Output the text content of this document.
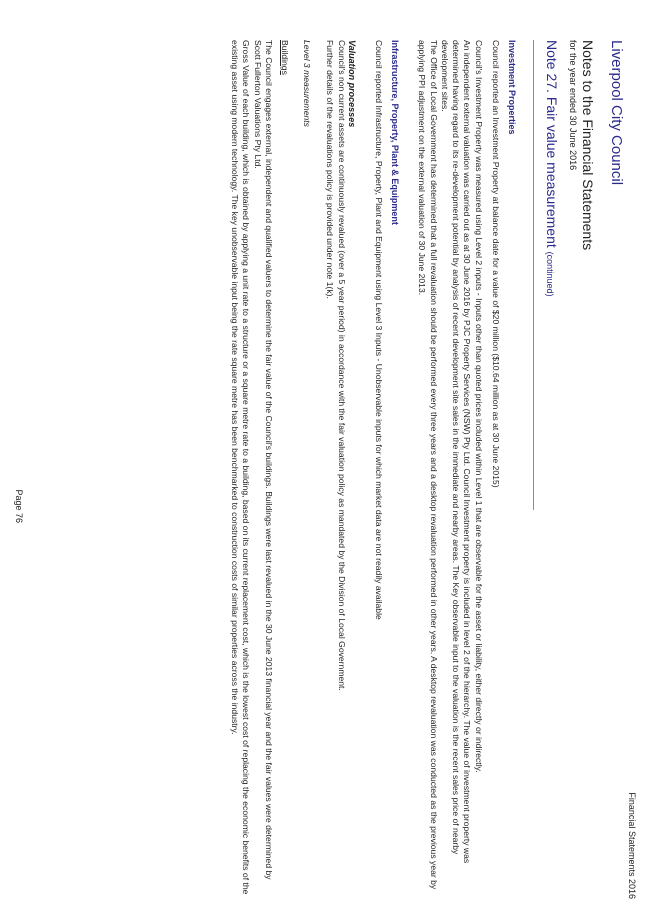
Financial Statements 2016
Liverpool City Council
Notes to the Financial Statements
for the year ended 30 June 2016
Note 27. Fair value measurement (continued)
Investment Properties
Council reported an Investment Property at balance date for a value of $20 million ($10.64 million as at 30 June 2015)
Council's Investment Property was measured using Level 2 inputs - Inputs other than quoted prices included within Level 1 that are observable for the asset or liability, either directly or indirectly.
An independent external valuation was carried out as at 30 June 2016 by PJC Property Services (NSW) Pty Ltd. Council Investment property is included in level 2 of the hierarchy. The value of investment property was determined having regard to its re-development potential by analysis of recent development site sales in the immediate and nearby areas. The Key observable input to the valuation is the recent sales price of nearby development sites.
The Office of Local Government has determined that a full revaluation should be performed every three years and a desktop revaluation performed in other years. A desktop revaluation was conducted as the previous year by applying PPI adjustment on the external valuation of 30 June 2013.
Infrastructure, Property, Plant & Equipment
Council reported Infrastructure, Property, Plant and Equipment using Level 3 Inputs - Unobservable inputs for which market data are not readily available
Valuation processes
Council's non current assets are continuously revalued (over a 5 year period) in accordance with the fair valuation policy as mandated by the Division of Local Government.
Further details of the revaluations policy is provided under note 1(k).
Level 3 measurements
Buildings
The Council engages external, independent and qualified valuers to determine the fair value of the Council's buildings. Buildings were last revalued in the 30 June 2013 financial year and the fair values were determined by Scott Fullerton Valuations Pty Ltd.
Gross Value of each building, which is obtained by applying a unit rate to a structure or a square metre rate to a building, based on its current replacement cost, which is the lowest cost of replacing the economic benefits of the existing asset using modern technology. The key unobservable input being the rate square metre has been benchmarked to construction costs of similar properties across the industry.
Page 76
